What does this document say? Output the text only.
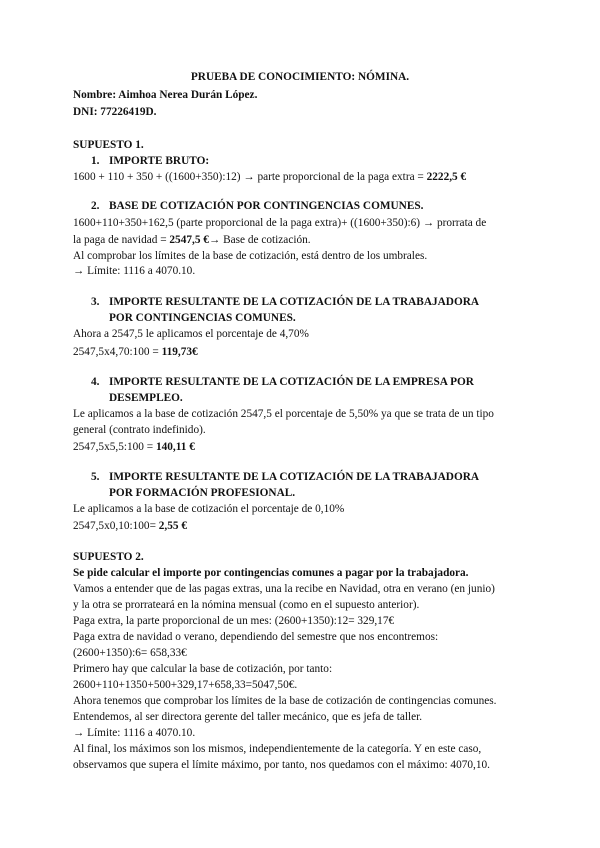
PRUEBA DE CONOCIMIENTO: NÓMINA.
Nombre: Aimhoa Nerea Durán López.
DNI: 77226419D.
SUPUESTO 1.
1. IMPORTE BRUTO:
1600 + 110 + 350 + ((1600+350):12) → parte proporcional de la paga extra = 2222,5 €
2. BASE DE COTIZACIÓN POR CONTINGENCIAS COMUNES.
1600+110+350+162,5 (parte proporcional de la paga extra)+ ((1600+350):6) → prorrata de
la paga de navidad = 2547,5 €→ Base de cotización.
Al comprobar los límites de la base de cotización, está dentro de los umbrales.
→ Límite: 1116 a 4070.10.
3. IMPORTE RESULTANTE DE LA COTIZACIÓN DE LA TRABAJADORA
POR CONTINGENCIAS COMUNES.
Ahora a 2547,5 le aplicamos el porcentaje de 4,70%
2547,5x4,70:100 = 119,73€
4. IMPORTE RESULTANTE DE LA COTIZACIÓN DE LA EMPRESA POR
DESEMPLEO.
Le aplicamos a la base de cotización 2547,5 el porcentaje de 5,50% ya que se trata de un tipo
general (contrato indefinido).
2547,5x5,5:100 = 140,11 €
5. IMPORTE RESULTANTE DE LA COTIZACIÓN DE LA TRABAJADORA
POR FORMACIÓN PROFESIONAL.
Le aplicamos a la base de cotización el porcentaje de 0,10%
2547,5x0,10:100= 2,55 €
SUPUESTO 2.
Se pide calcular el importe por contingencias comunes a pagar por la trabajadora.
Vamos a entender que de las pagas extras, una la recibe en Navidad, otra en verano (en junio)
y la otra se prorrateará en la nómina mensual (como en el supuesto anterior).
Paga extra, la parte proporcional de un mes: (2600+1350):12= 329,17€
Paga extra de navidad o verano, dependiendo del semestre que nos encontremos:
(2600+1350):6= 658,33€
Primero hay que calcular la base de cotización, por tanto:
2600+110+1350+500+329,17+658,33=5047,50€.
Ahora tenemos que comprobar los límites de la base de cotización de contingencias comunes.
Entendemos, al ser directora gerente del taller mecánico, que es jefa de taller.
→ Límite: 1116 a 4070.10.
Al final, los máximos son los mismos, independientemente de la categoría. Y en este caso,
observamos que supera el límite máximo, por tanto, nos quedamos con el máximo: 4070,10.
